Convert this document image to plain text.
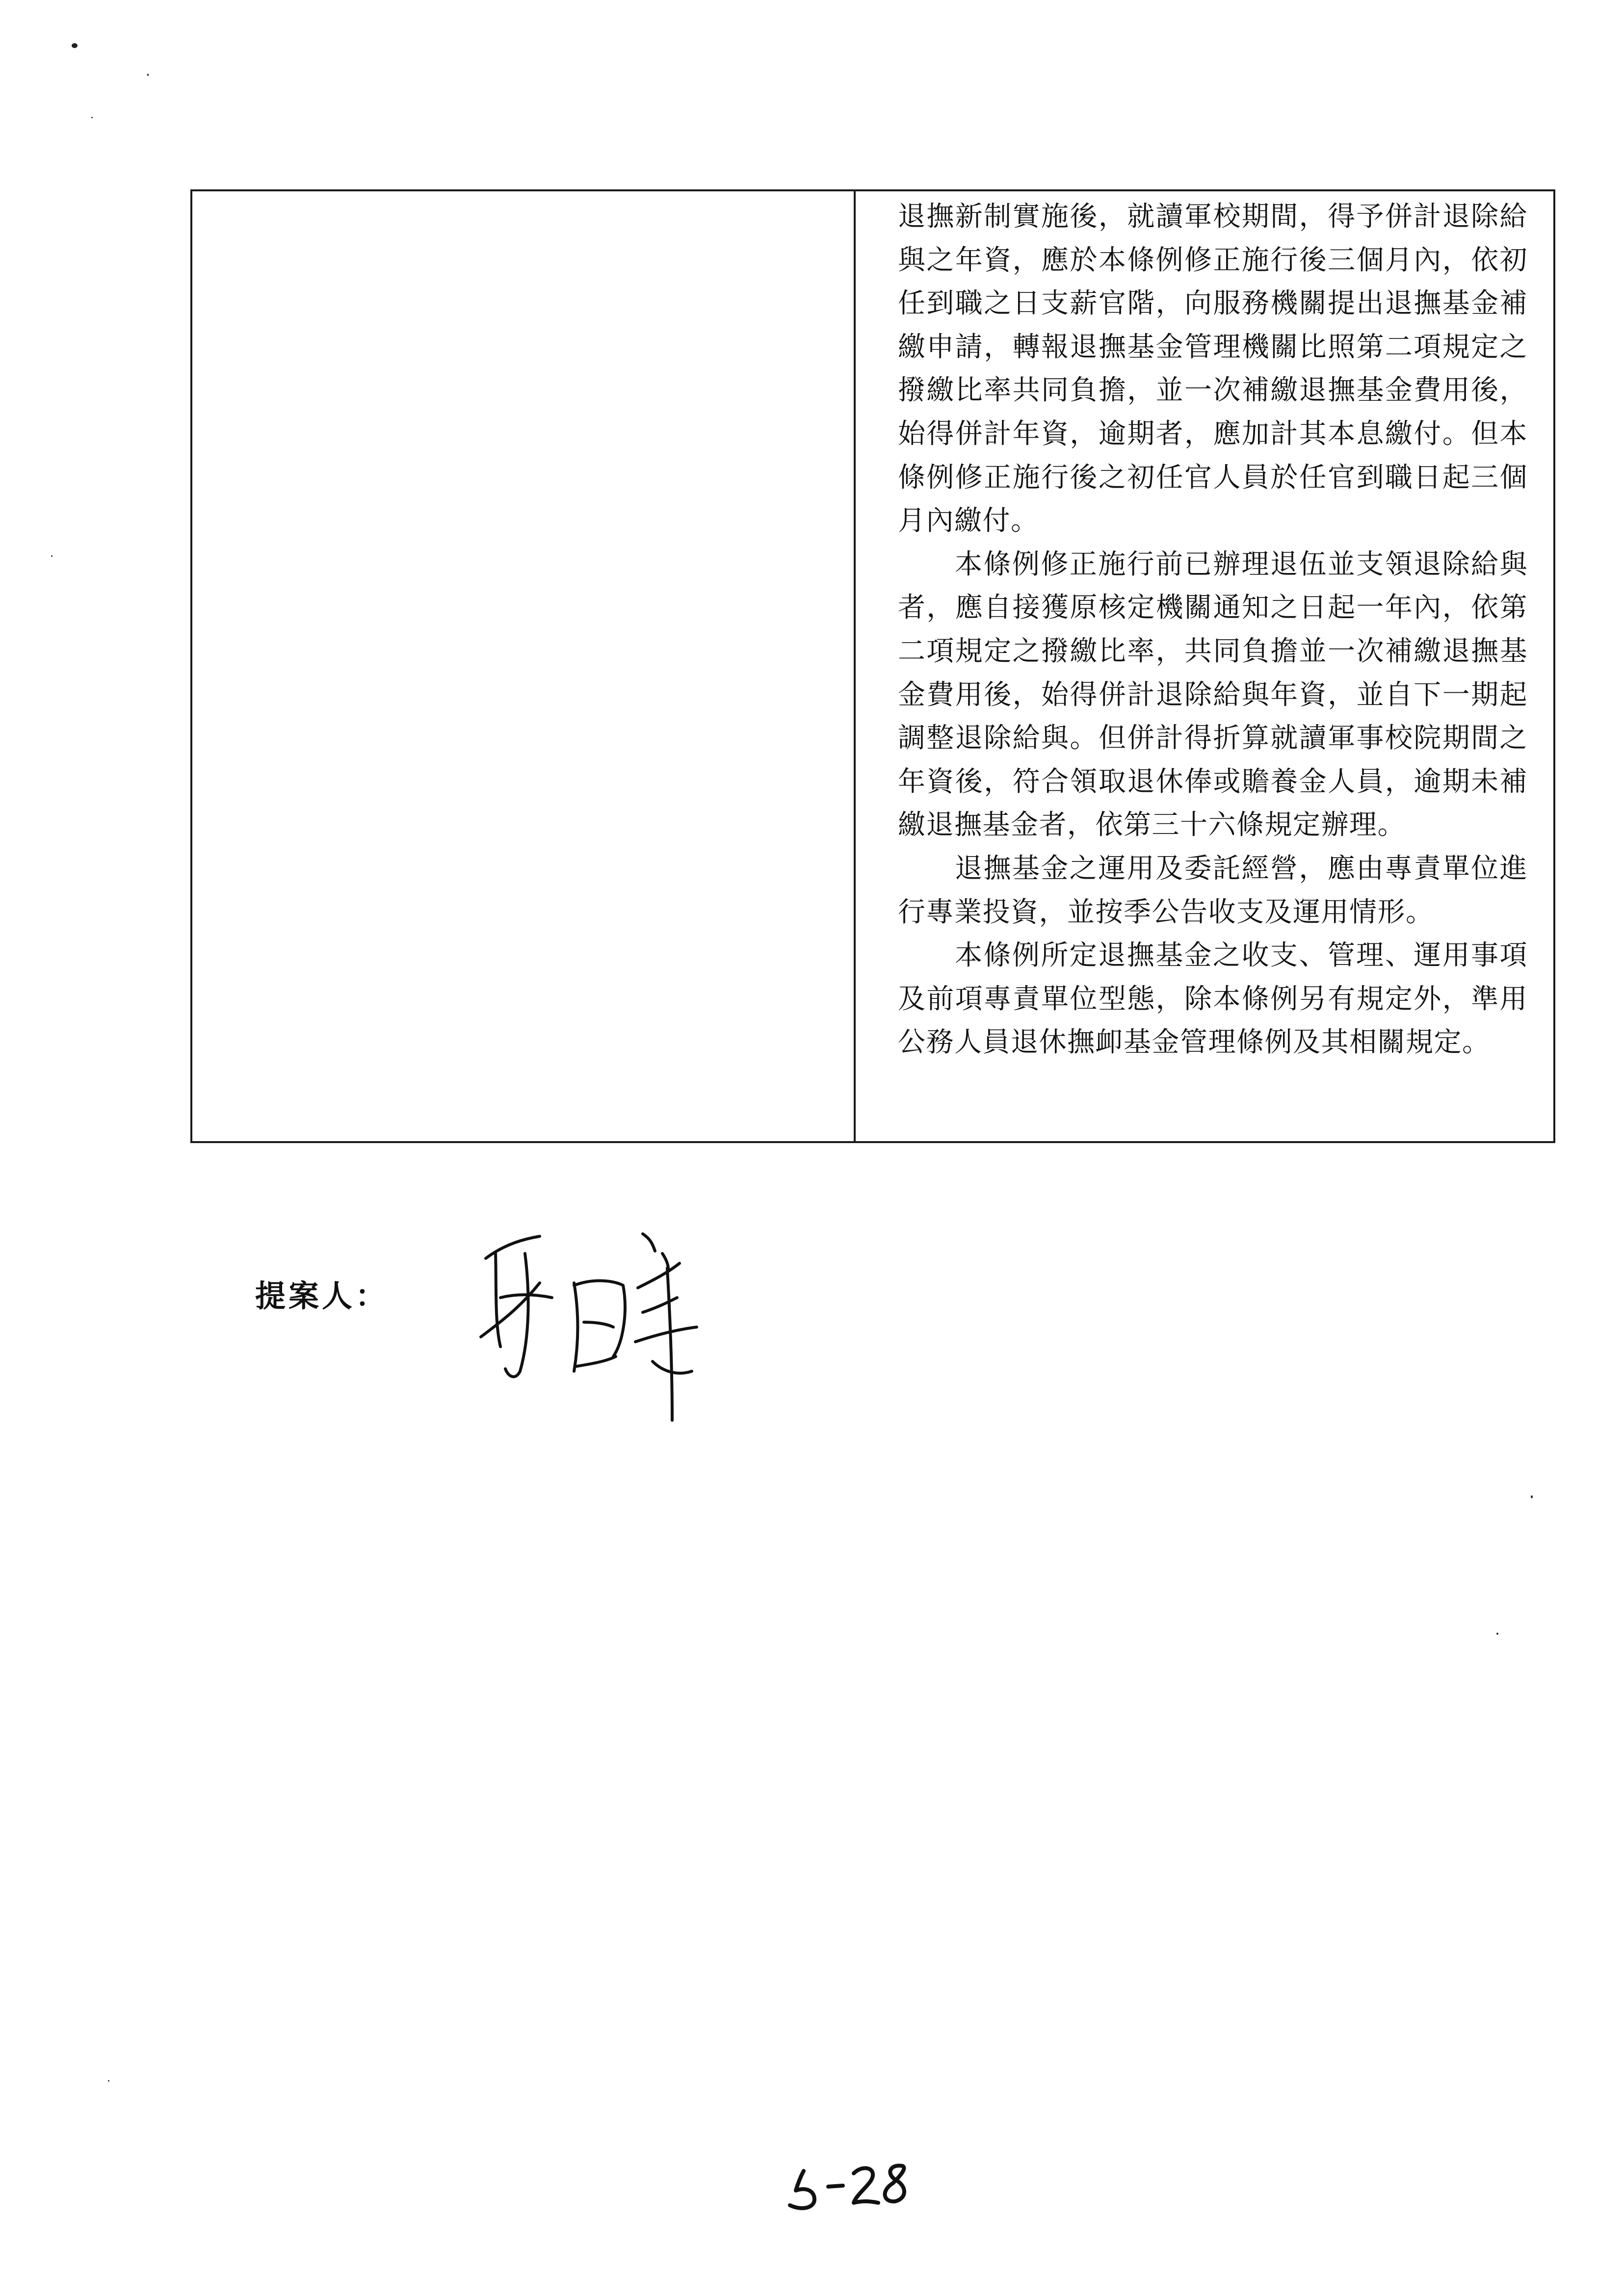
退撫新制實施後，就讀軍校期間，得予併計退除給與之年資，應於本條例修正施行後三個月內，依初任到職之日支薪官階，向服務機關提出退撫基金補繳申請，轉報退撫基金管理機關比照第二項規定之撥繳比率共同負擔，並一次補繳退撫基金費用後，始得併計年資，逾期者，應加計其本息繳付。但本條例修正施行後之初任官人員於任官到職日起三個月內繳付。

本條例修正施行前已辦理退伍並支領退除給與者，應自接獲原核定機關通知之日起一年內，依第二項規定之撥繳比率，共同負擔並一次補繳退撫基金費用後，始得併計退除給與年資，並自下一期起調整退除給與。但併計得折算就讀軍事校院期間之年資後，符合領取退休俸或贍養金人員，逾期未補繳退撫基金者，依第三十六條規定辦理。

退撫基金之運用及委託經營，應由專責單位進行專業投資，並按季公告收支及運用情形。

本條例所定退撫基金之收支、管理、運用事項及前項專責單位型態，除本條例另有規定外，準用公務人員退休撫卹基金管理條例及其相關規定。

提案人：
